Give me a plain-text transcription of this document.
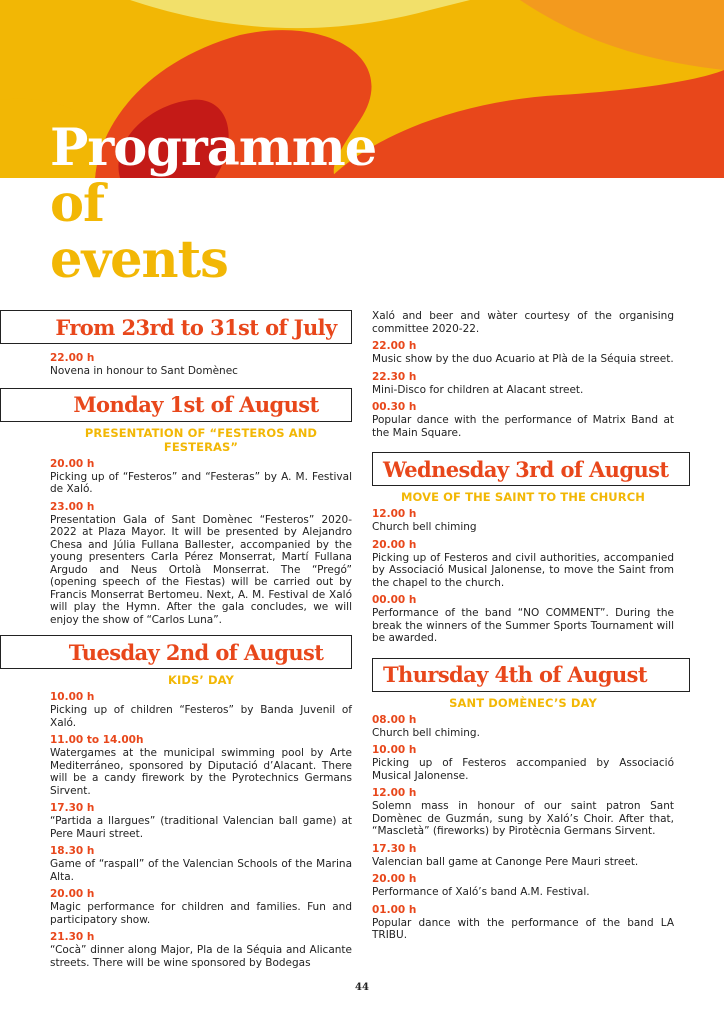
Programme
of
events
From 23rd to 31st of July
22.00 h
Novena in honour to Sant Domènec
Monday 1st of August
PRESENTATION OF “FESTEROS AND FESTERAS”
20.00 h
Picking up of “Festeros” and “Festeras” by A. M. Festival de Xaló.
23.00 h
Presentation Gala of Sant Domènec “Festeros” 2020-2022 at Plaza Mayor. It will be presented by Alejandro Chesa and Júlia Fullana Ballester, accompanied by the young presenters Carla Pérez Monserrat, Martí Fullana Argudo and Neus Ortolà Monserrat. The “Pregó” (opening speech of the Fiestas) will be carried out by Francis Monserrat Bertomeu. Next, A. M. Festival de Xaló will play the Hymn. After the gala concludes, we will enjoy the show of “Carlos Luna”.
Tuesday 2nd of August
KIDS’ DAY
10.00 h
Picking up of children “Festeros” by Banda Juvenil of Xaló.
11.00 to 14.00h
Watergames at the municipal swimming pool by Arte Mediterráneo, sponsored by Diputació d’Alacant. There will be a candy firework by the Pyrotechnics Germans Sirvent.
17.30 h
“Partida a llargues” (traditional Valencian ball game) at Pere Mauri street.
18.30 h
Game of “raspall” of the Valencian Schools of the Marina Alta.
20.00 h
Magic performance for children and families. Fun and participatory show.
21.30 h
“Cocà” dinner along Major, Pla de la Séquia and Alicante streets. There will be wine sponsored by Bodegas
Xaló and beer and wàter courtesy of the organising committee 2020-22.
22.00 h
Music show by the duo Acuario at Plà de la Séquia street.
22.30 h
Mini-Disco for children at Alacant street.
00.30 h
Popular dance with the performance of Matrix Band at the Main Square.
Wednesday 3rd of August
MOVE OF THE SAINT TO THE CHURCH
12.00 h
Church bell chiming
20.00 h
Picking up of Festeros and civil authorities, accompanied by Associació Musical Jalonense, to move the Saint from the chapel to the church.
00.00 h
Performance of the band “NO COMMENT”. During the break the winners of the Summer Sports Tournament will be awarded.
Thursday 4th of August
SANT DOMÈNEC’S DAY
08.00 h
Church bell chiming.
10.00 h
Picking up of Festeros accompanied by Associació Musical Jalonense.
12.00 h
Solemn mass in honour of our saint patron Sant Domènec de Guzmán, sung by Xaló’s Choir. After that, “Mascletà” (fireworks) by Pirotècnia Germans Sirvent.
17.30 h
Valencian ball game at Canonge Pere Mauri street.
20.00 h
Performance of Xaló’s band A.M. Festival.
01.00 h
Popular dance with the performance of the band LA TRIBU.
44
